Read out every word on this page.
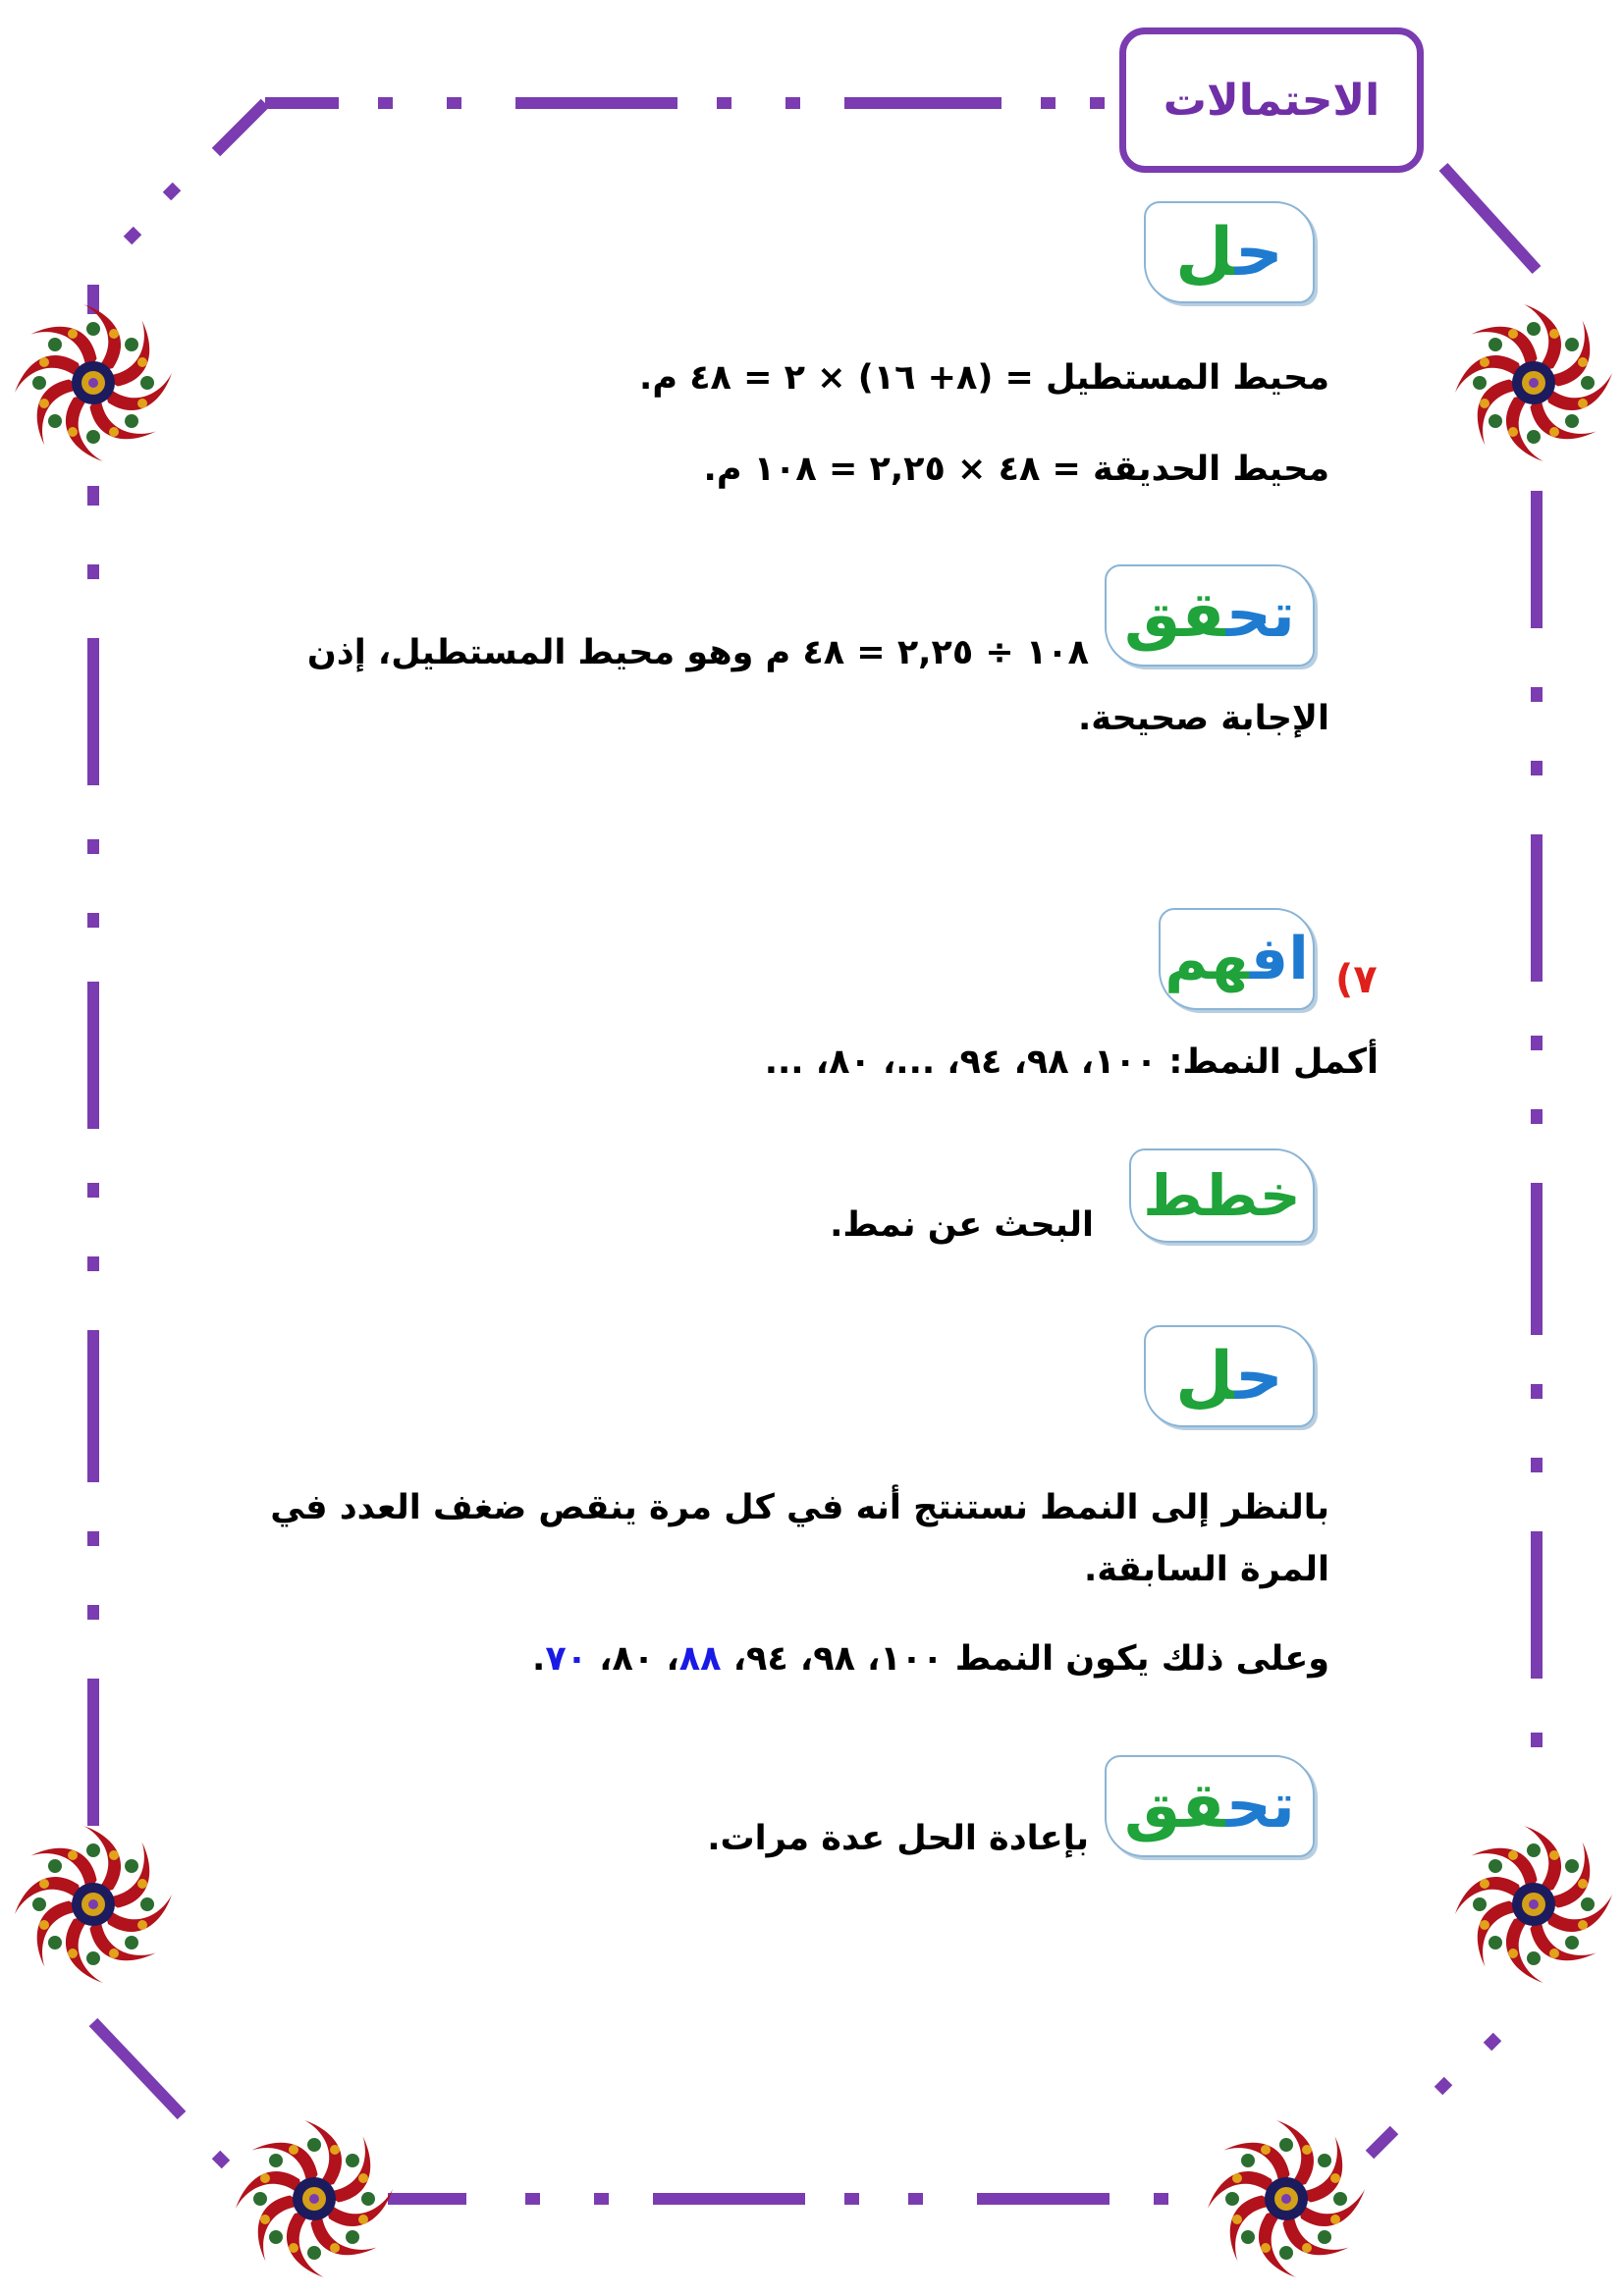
الاحتمالات
حل
محيط المستطيل = (٨+ ١٦) × ٢ = ٤٨ م.
محيط الحديقة = ٤٨ × ٢,٢٥ = ١٠٨ م.
تحقق
١٠٨ ÷ ٢,٢٥ = ٤٨ م وهو محيط المستطيل، إذن
الإجابة صحيحة.
٧)
افهم
أكمل النمط: ١٠٠، ٩٨، ٩٤، ...، ٨٠، ...
خطط
البحث عن نمط.
حل
بالنظر إلى النمط نستنتج أنه في كل مرة ينقص ضغف العدد في المرة السابقة.
وعلى ذلك يكون النمط ١٠٠، ٩٨، ٩٤، ٨٨، ٨٠، ٧٠.
تحقق
بإعادة الحل عدة مرات.
